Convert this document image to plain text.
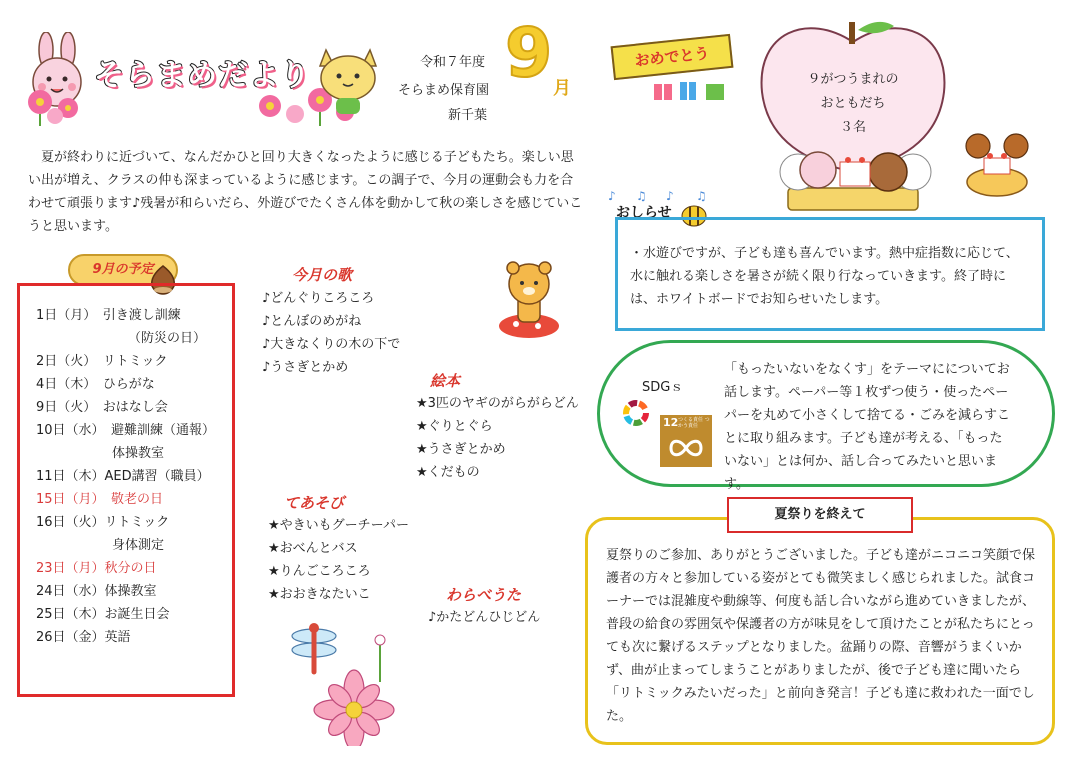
そらまめだより	令和７年度
そらまめ保育園
新千葉
9 月

夏が終わりに近づいて、なんだかひと回り大きくなったように感じる子どもたち。楽しい思い出が増え、クラスの仲も深まっているように感じます。この調子で、今月の運動会も力を合わせて頑張ります♪残暑が和らいだら、外遊びでたくさん体を動かして秋の楽しさを感じていこうと思います。

9月の予定
1日（月）　引き渡し訓練
（防災の日）
2日（火）　リトミック
4日（木）　ひらがな
9日（火）　おはなし会
10日（水）　避難訓練（通報）
体操教室
11日（木）AED講習（職員）
15日（月）　敬老の日
16日（火）リトミック
身体測定
23日（月）秋分の日
24日（水）体操教室
25日（木）お誕生日会
26日（金）英語
今月の歌
♪どんぐりころころ
♪とんぼのめがね
♪大きなくりの木の下で
♪うさぎとかめ
絵本
★3匹のヤギのがらがらどん
★ぐりとぐら
★うさぎとかめ
★くだもの
てあそび
★やきいもグーチーパー
★おべんとバス
★りんごころころ
★おおきなたいこ	わらべうた
♪かたどんひじどん
おめでとう
９がつうまれの
おともだち
３名
おしらせ
♪ ♫ ♪ ♫

・水遊びですが、子ども達も喜んでいます。熱中症指数に応じて、水に触れる楽しさを暑さが続く限り行なっていきます。終了時には、ホワイトボードでお知らせいたします。

SDGｓ
12 つくる責任 つかう責任

「もったいないをなくす」をテーマにについてお話します。ペーパー等１枚ずつ使う・使ったペーパーを丸めて小さくして捨てる・ごみを減らすことに取り組みます。子ども達が考える、「もったいない」とは何か、話し合ってみたいと思います。

夏祭りのご参加、ありがとうございました。子ども達がニコニコ笑顔で保護者の方々と参加している姿がとても微笑ましく感じられました。試食コーナーでは混雑度や動線等、何度も話し合いながら進めていきましたが、普段の給食の雰囲気や保護者の方が味見をして頂けたことが私たちにとっても次に繋げるステップとなりました。盆踊りの際、音響がうまくいかず、曲が止まってしまうことがありましたが、後で子ども達に聞いたら「リトミックみたいだった」と前向き発言！子ども達に救われた一面でした。

夏祭りを終えて
